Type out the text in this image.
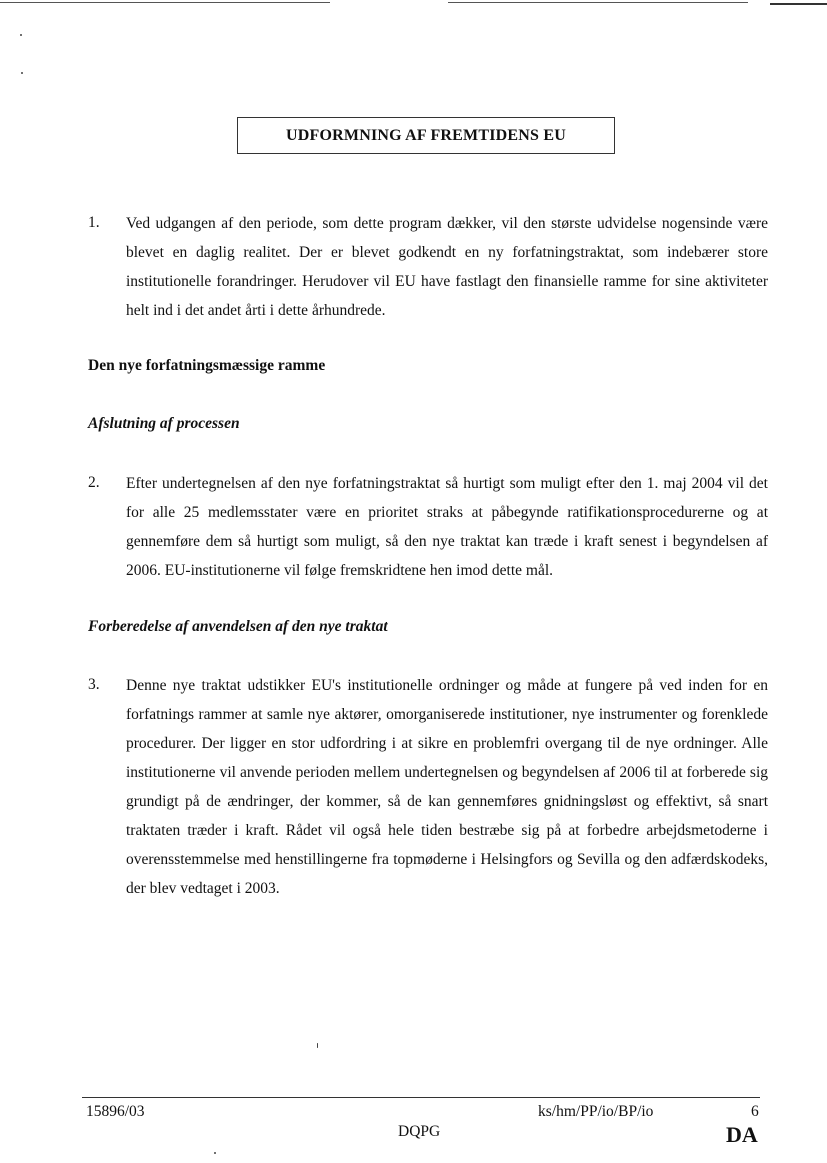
UDFORMNING AF FREMTIDENS EU
1. Ved udgangen af den periode, som dette program dækker, vil den største udvidelse nogensinde være blevet en daglig realitet. Der er blevet godkendt en ny forfatningstraktat, som indebærer store institutionelle forandringer. Herudover vil EU have fastlagt den finansielle ramme for sine aktiviteter helt ind i det andet årti i dette århundrede.
Den nye forfatningsmæssige ramme
Afslutning af processen
2. Efter undertegnelsen af den nye forfatningstraktat så hurtigt som muligt efter den 1. maj 2004 vil det for alle 25 medlemsstater være en prioritet straks at påbegynde ratifikationsprocedurerne og at gennemføre dem så hurtigt som muligt, så den nye traktat kan træde i kraft senest i begyndelsen af 2006. EU-institutionerne vil følge fremskridtene hen imod dette mål.
Forberedelse af anvendelsen af den nye traktat
3. Denne nye traktat udstikker EU's institutionelle ordninger og måde at fungere på ved inden for en forfatnings rammer at samle nye aktører, omorganiserede institutioner, nye instrumenter og forenklede procedurer. Der ligger en stor udfordring i at sikre en problemfri overgang til de nye ordninger. Alle institutionerne vil anvende perioden mellem undertegnelsen og begyndelsen af 2006 til at forberede sig grundigt på de ændringer, der kommer, så de kan gennemføres gnidningsløst og effektivt, så snart traktaten træder i kraft. Rådet vil også hele tiden bestræbe sig på at forbedre arbejdsmetoderne i overensstemmelse med henstillingerne fra topmøderne i Helsingfors og Sevilla og den adfærdskodeks, der blev vedtaget i 2003.
15896/03
DQPG
ks/hm/PP/io/BP/io	6
DA
